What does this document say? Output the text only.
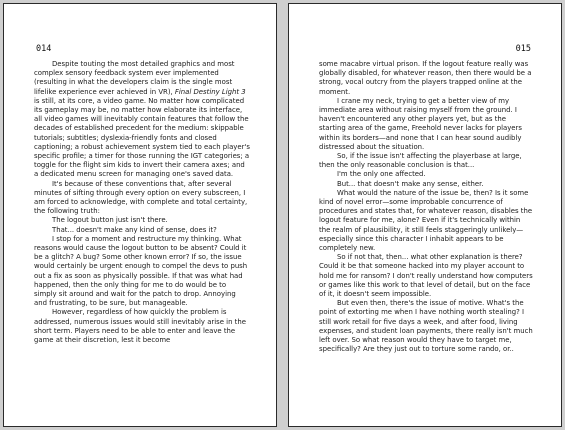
014

Despite touting the most detailed graphics and most complex sensory feedback system ever implemented (resulting in what the developers claim is the single most lifelike experience ever achieved in VR), Final Destiny Light 3 is still, at its core, a video game. No matter how complicated its gameplay may be, no matter how elaborate its interface, all video games will inevitably contain features that follow the decades of established precedent for the medium: skippable tutorials; subtitles; dyslexia-friendly fonts and closed captioning; a robust achievement system tied to each player's specific profile; a timer for those running the IGT categories; a toggle for the flight sim kids to invert their camera axes; and a dedicated menu screen for managing one's saved data.

It's because of these conventions that, after several minutes of sifting through every option on every subscreen, I am forced to acknowledge, with complete and total certainty, the following truth:

The logout button just isn't there.

That... doesn't make any kind of sense, does it?

I stop for a moment and restructure my thinking. What reasons would cause the logout button to be absent? Could it be a glitch? A bug? Some other known error? If so, the issue would certainly be urgent enough to compel the devs to push out a fix as soon as physically possible. If that was what had happened, then the only thing for me to do would be to simply sit around and wait for the patch to drop. Annoying and frustrating, to be sure, but manageable.

However, regardless of how quickly the problem is addressed, numerous issues would still inevitably arise in the short term. Players need to be able to enter and leave the game at their discretion, lest it become

015

some macabre virtual prison. If the logout feature really was globally disabled, for whatever reason, then there would be a strong, vocal outcry from the players trapped online at the moment.

I crane my neck, trying to get a better view of my immediate area without raising myself from the ground. I haven't encountered any other players yet, but as the starting area of the game, Freehold never lacks for players within its borders—and none that I can hear sound audibly distressed about the situation.

So, if the issue isn't affecting the playerbase at large, then the only reasonable conclusion is that...

I'm the only one affected.

But... that doesn't make any sense, either.

What would the nature of the issue be, then? Is it some kind of novel error—some improbable concurrence of procedures and states that, for whatever reason, disables the logout feature for me, alone? Even if it's technically within the realm of plausibility, it still feels staggeringly unlikely—especially since this character I inhabit appears to be completely new.

So if not that, then... what other explanation is there? Could it be that someone hacked into my player account to hold me for ransom? I don't really understand how computers or games like this work to that level of detail, but on the face of it, it doesn't seem impossible.

But even then, there's the issue of motive. What's the point of extorting me when I have nothing worth stealing? I still work retail for five days a week, and after food, living expenses, and student loan payments, there really isn't much left over. So what reason would they have to target me, specifically? Are they just out to torture some rando, or..
